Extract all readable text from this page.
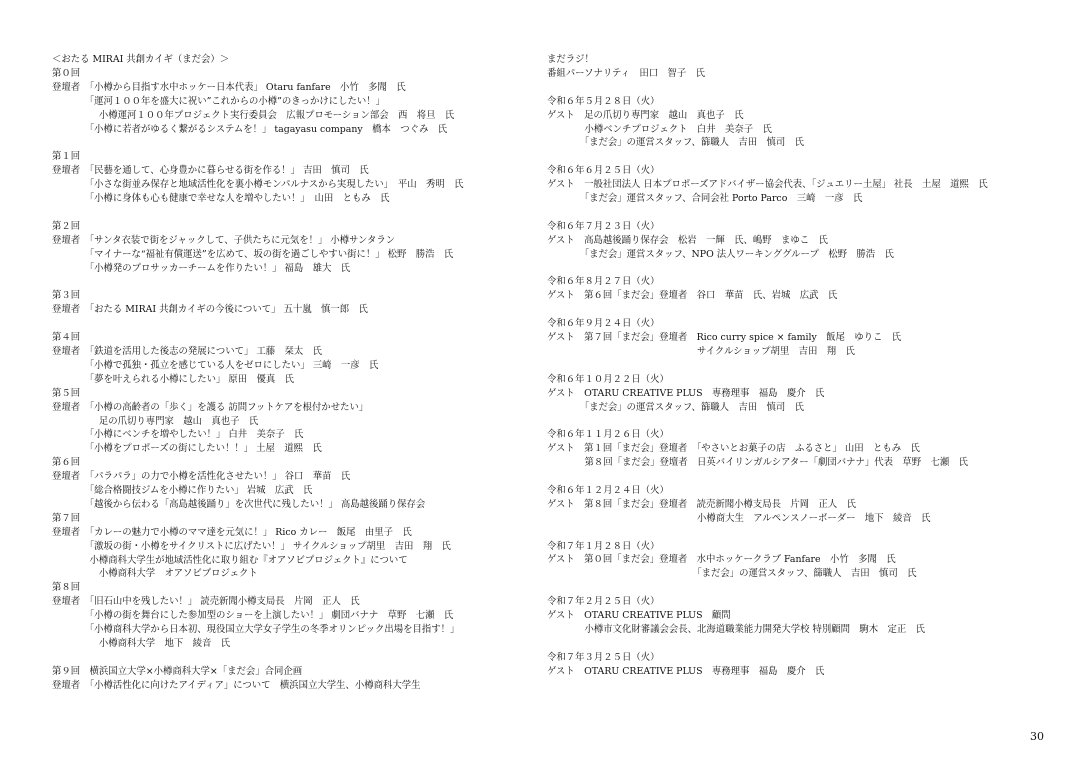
＜おたる MIRAI 共創カイギ（まだ会）＞
第０回
登壇者　「小樽から目指す水中ホッケー日本代表」 Otaru fanfare　小竹　多聞　氏
　　　　「運河１００年を盛大に祝い”これからの小樽”のきっかけにしたい！」
　　　　　小樽運河１００年プロジェクト実行委員会　広報プロモーション部会　西　将旦　氏
　　　　「小樽に若者がゆるく繋がるシステムを！」 tagayasu company　橋本　つぐみ　氏
第１回
登壇者　「民藝を通して、心身豊かに暮らせる街を作る！」 吉田　慎司　氏
　　　　「小さな街並み保存と地域活性化を裏小樽モンパルナスから実現したい」　平山　秀明　氏
　　　　「小樽に身体も心も健康で幸せな人を増やしたい！」　山田　ともみ　氏
第２回
登壇者　「サンタ衣装で街をジャックして、子供たちに元気を！」 小樽サンタラン
　　　　「マイナーな“福祉有償運送”を広めて、坂の街を過ごしやすい街に！」 松野　勝浩　氏
　　　　「小樽発のプロサッカーチームを作りたい！」 福島　雄大　氏
第３回
登壇者　「おたる MIRAI 共創カイギの今後について」 五十嵐　慎一郎　氏
第４回
登壇者　「鉄道を活用した後志の発展について」 工藤　栞太　氏
　　　　「小樽で孤独・孤立を感じている人をゼロにしたい」 三崎　一彦　氏
　　　　「夢を叶えられる小樽にしたい」 原田　優真　氏
第５回
登壇者　「小樽の高齢者の「歩く」を護る 訪問フットケアを根付かせたい」
　　　　　足の爪切り専門家　越山　真也子　氏
　　　　「小樽にベンチを増やしたい！」 白井　美奈子　氏
　　　　「小樽をプロポーズの街にしたい！！」 土屋　道熙　氏
第６回
登壇者　「パラパラ」の力で小樽を活性化させたい！」 谷口　華苗　氏
　　　　「総合格闘技ジムを小樽に作りたい」 岩城　広武　氏
　　　　「越後から伝わる「高島越後踊り」を次世代に残したい！」 高島越後踊り保存会
第７回
登壇者　「カレーの魅力で小樽のママ達を元気に！」 Rico カレー　飯尾　由里子　氏
　　　　「激坂の街・小樽をサイクリストに広げたい！」 サイクルショップ胡里　吉田　翔　氏
　　　　小樽商科大学生が地域活性化に取り組む『オアソビプロジェクト』について
　　　　　小樽商科大学　オアソビプロジェクト
第８回
登壇者　「旧石山中を残したい！」 読売新聞小樽支局長　片岡　正人　氏
　　　　「小樽の街を舞台にした参加型のショーを上演したい！」 劇団バナナ　草野　七瀬　氏
　　　　「小樽商科大学から日本初、現役国立大学女子学生の冬季オリンピック出場を目指す！」
　　　　　小樽商科大学　地下　綾音　氏
第９回　横浜国立大学×小樽商科大学×「まだ会」合同企画
登壇者　「小樽活性化に向けたアイディア」について　横浜国立大学生、小樽商科大学生
まだラジ！
番組パーソナリティ　田口　智子　氏
令和６年５月２８日（火）
ゲスト　足の爪切り専門家　越山　真也子　氏
　　　　小樽ベンチプロジェクト　白井　美奈子　氏
　　　　「まだ会」の運営スタッフ、篩職人　吉田　慎司　氏
令和６年６月２５日（火）
ゲスト　一般社団法人 日本プロポーズアドバイザー協会代表、「ジュエリー土屋」 社長　土屋　道熙　氏
　　　　「まだ会」運営スタッフ、合同会社 Porto Parco　三崎　一彦　氏
令和６年７月２３日（火）
ゲスト　高島越後踊り保存会　松岩　一輝　氏、嶋野　まゆこ　氏
　　　　「まだ会」運営スタッフ、NPO 法人ワーキンググループ　松野　勝浩　氏
令和６年８月２７日（火）
ゲスト　第６回「まだ会」登壇者　谷口　華苗　氏、岩城　広武　氏
令和６年９月２４日（火）
ゲスト　第７回「まだ会」登壇者　Rico curry spice × family　飯尾　ゆりこ　氏
　　　　　　　　　　　　　　　　サイクルショップ胡里　吉田　翔　氏
令和６年１０月２２日（火）
ゲスト　OTARU CREATIVE PLUS　専務理事　福島　慶介　氏
　　　　「まだ会」の運営スタッフ、篩職人　吉田　慎司　氏
令和６年１１月２６日（火）
ゲスト　第１回「まだ会」登壇者　「やさいとお菓子の店　ふるさと」 山田　ともみ　氏
　　　　第８回「まだ会」登壇者　日英バイリンガルシアター「劇団バナナ」代表　草野　七瀬　氏
令和６年１２月２４日（火）
ゲスト　第８回「まだ会」登壇者　読売新聞小樽支局長　片岡　正人　氏
　　　　　　　　　　　　　　　　小樽商大生　アルペンスノーボーダー　地下　綾音　氏
令和７年１月２８日（火）
ゲスト　第０回「まだ会」登壇者　水中ホッケークラブ Fanfare　小竹　多聞　氏
　　　　　　　　　　　　　　　　「まだ会」の運営スタッフ、篩職人　吉田　慎司　氏
令和７年２月２５日（火）
ゲスト　OTARU CREATIVE PLUS　顧問
　　　　小樽市文化財審議会会長、北海道職業能力開発大学校 特別顧問　駒木　定正　氏
令和７年３月２５日（火）
ゲスト　OTARU CREATIVE PLUS　専務理事　福島　慶介　氏
30
